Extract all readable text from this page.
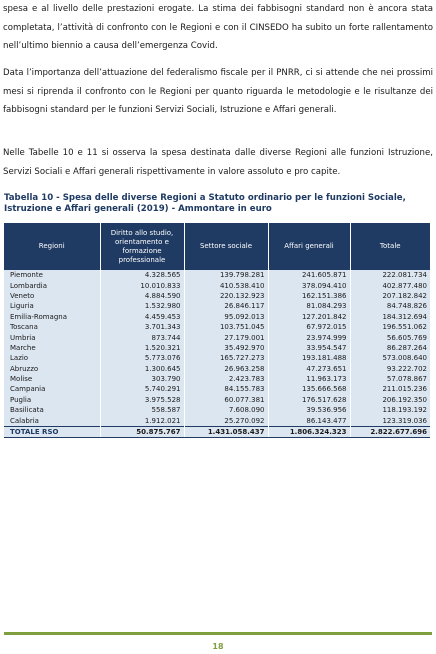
spesa e al livello delle prestazioni erogate. La stima dei fabbisogni standard non è ancora stata completata, l’attività di confronto con le Regioni e con il CINSEDO ha subito un forte rallentamento nell’ultimo biennio a causa dell’emergenza Covid.

Data l’importanza dell’attuazione del federalismo fiscale per il PNRR, ci si attende che nei prossimi mesi si riprenda il confronto con le Regioni per quanto riguarda le metodologie e le risultanze dei fabbisogni standard per le funzioni Servizi Sociali, Istruzione e Affari generali.

Nelle Tabelle 10 e 11 si osserva la spesa destinata dalle diverse Regioni alle funzioni Istruzione, Servizi Sociali e Affari generali rispettivamente in valore assoluto e pro capite.

Tabella 10 - Spesa delle diverse Regioni a Statuto ordinario per le funzioni Sociale, Istruzione e Affari generali (2019) - Ammontare in euro

Regioni	Diritto allo studio, orientamento e formazione professionale	Settore sociale	Affari generali	Totale
Piemonte	4.328.565	139.798.281	241.605.871	222.081.734
Lombardia	10.010.833	410.538.410	378.094.410	402.877.480
Veneto	4.884.590	220.132.923	162.151.386	207.182.842
Liguria	1.532.980	26.846.117	81.084.293	84.748.826
Emilia-Romagna	4.459.453	95.092.013	127.201.842	184.312.694
Toscana	3.701.343	103.751.045	67.972.015	196.551.062
Umbria	873.744	27.179.001	23.974.999	56.605.769
Marche	1.520.321	35.492.970	33.954.547	86.287.264
Lazio	5.773.076	165.727.273	193.181.488	573.008.640
Abruzzo	1.300.645	26.963.258	47.273.651	93.222.702
Molise	303.790	2.423.783	11.963.173	57.078.867
Campania	5.740.291	84.155.783	135.666.568	211.015.236
Puglia	3.975.528	60.077.381	176.517.628	206.192.350
Basilicata	558.587	7.608.090	39.536.956	118.193.192
Calabria	1.912.021	25.270.092	86.143.477	123.319.036
TOTALE RSO	50.875.767	1.431.058.437	1.806.324.323	2.822.677.696
18
